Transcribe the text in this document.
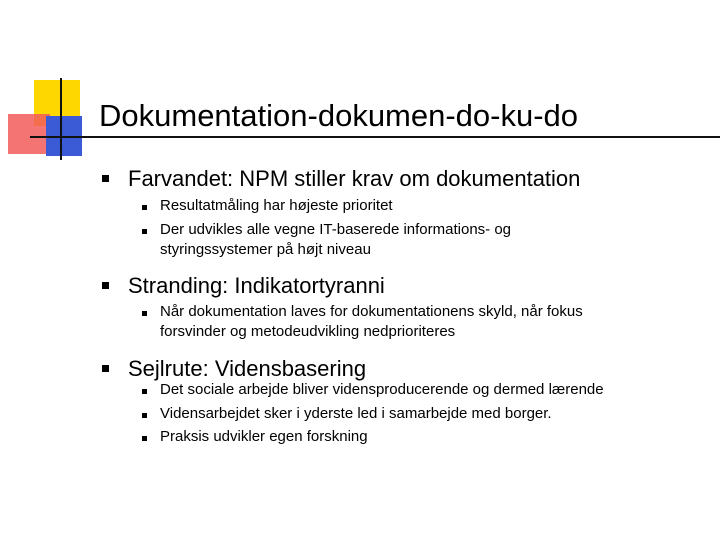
Dokumentation-dokumen-do-ku-do
Farvandet: NPM stiller krav om dokumentation
Resultatmåling har højeste prioritet
Der udvikles alle vegne IT-baserede informations- og
styringssystemer på højt niveau
Stranding: Indikatortyranni
Når dokumentation laves for dokumentationens skyld, når fokus
forsvinder og metodeudvikling nedprioriteres
Sejlrute: Vidensbasering
Det sociale arbejde bliver vidensproducerende og dermed lærende
Vidensarbejdet sker i yderste led i samarbejde med borger.
Praksis udvikler egen forskning
